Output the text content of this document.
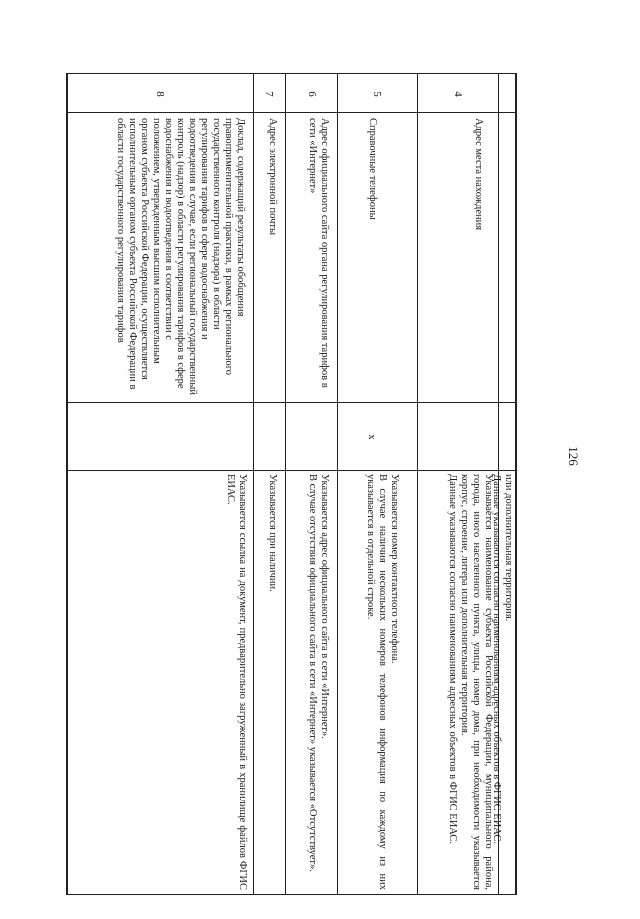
126
или дополнительная территория.
Данные указываются согласно наименованиям адресных объектов в ФГИС ЕИАС.
4
Адрес места нахождения
Указывается наименование субъекта Российской Федерации, муниципального района, города, иного населенного пункта, улицы, номер дома, при необходимости указывается корпус, строение, литера или дополнительная территория.
Данные указываются согласно наименованиям адресных объектов в ФГИС ЕИАС.
5
Справочные телефоны
x
Указывается номер контактного телефона.
В случае наличия нескольких номеров телефонов информация по каждому из них указывается в отдельной строке.
6
Адрес официального сайта органа регулирования тарифов в сети «Интернет»
Указывается адрес официального сайта в сети «Интернет».
В случае отсутствия официального сайта в сети «Интернет» указывается «Отсутствует».
7
Адрес электронной почты
Указывается при наличии.
8
Доклад, содержащий результаты обобщения правоприменительной практики, в рамках регионального государственного контроля (надзора) в области регулирования тарифов в сфере водоснабжения и водоотведения в случае, если региональный государственный контроль (надзор) в области регулирования тарифов в сфере водоснабжения и водоотведения в соответствии с положением, утвержденным высшим исполнительным органом субъекта Российской Федерации, осуществляется исполнительным органом субъекта Российской Федерации в области государственного регулирования тарифов
Указывается ссылка на документ, предварительно загруженный в хранилище файлов ФГИС ЕИАС.
